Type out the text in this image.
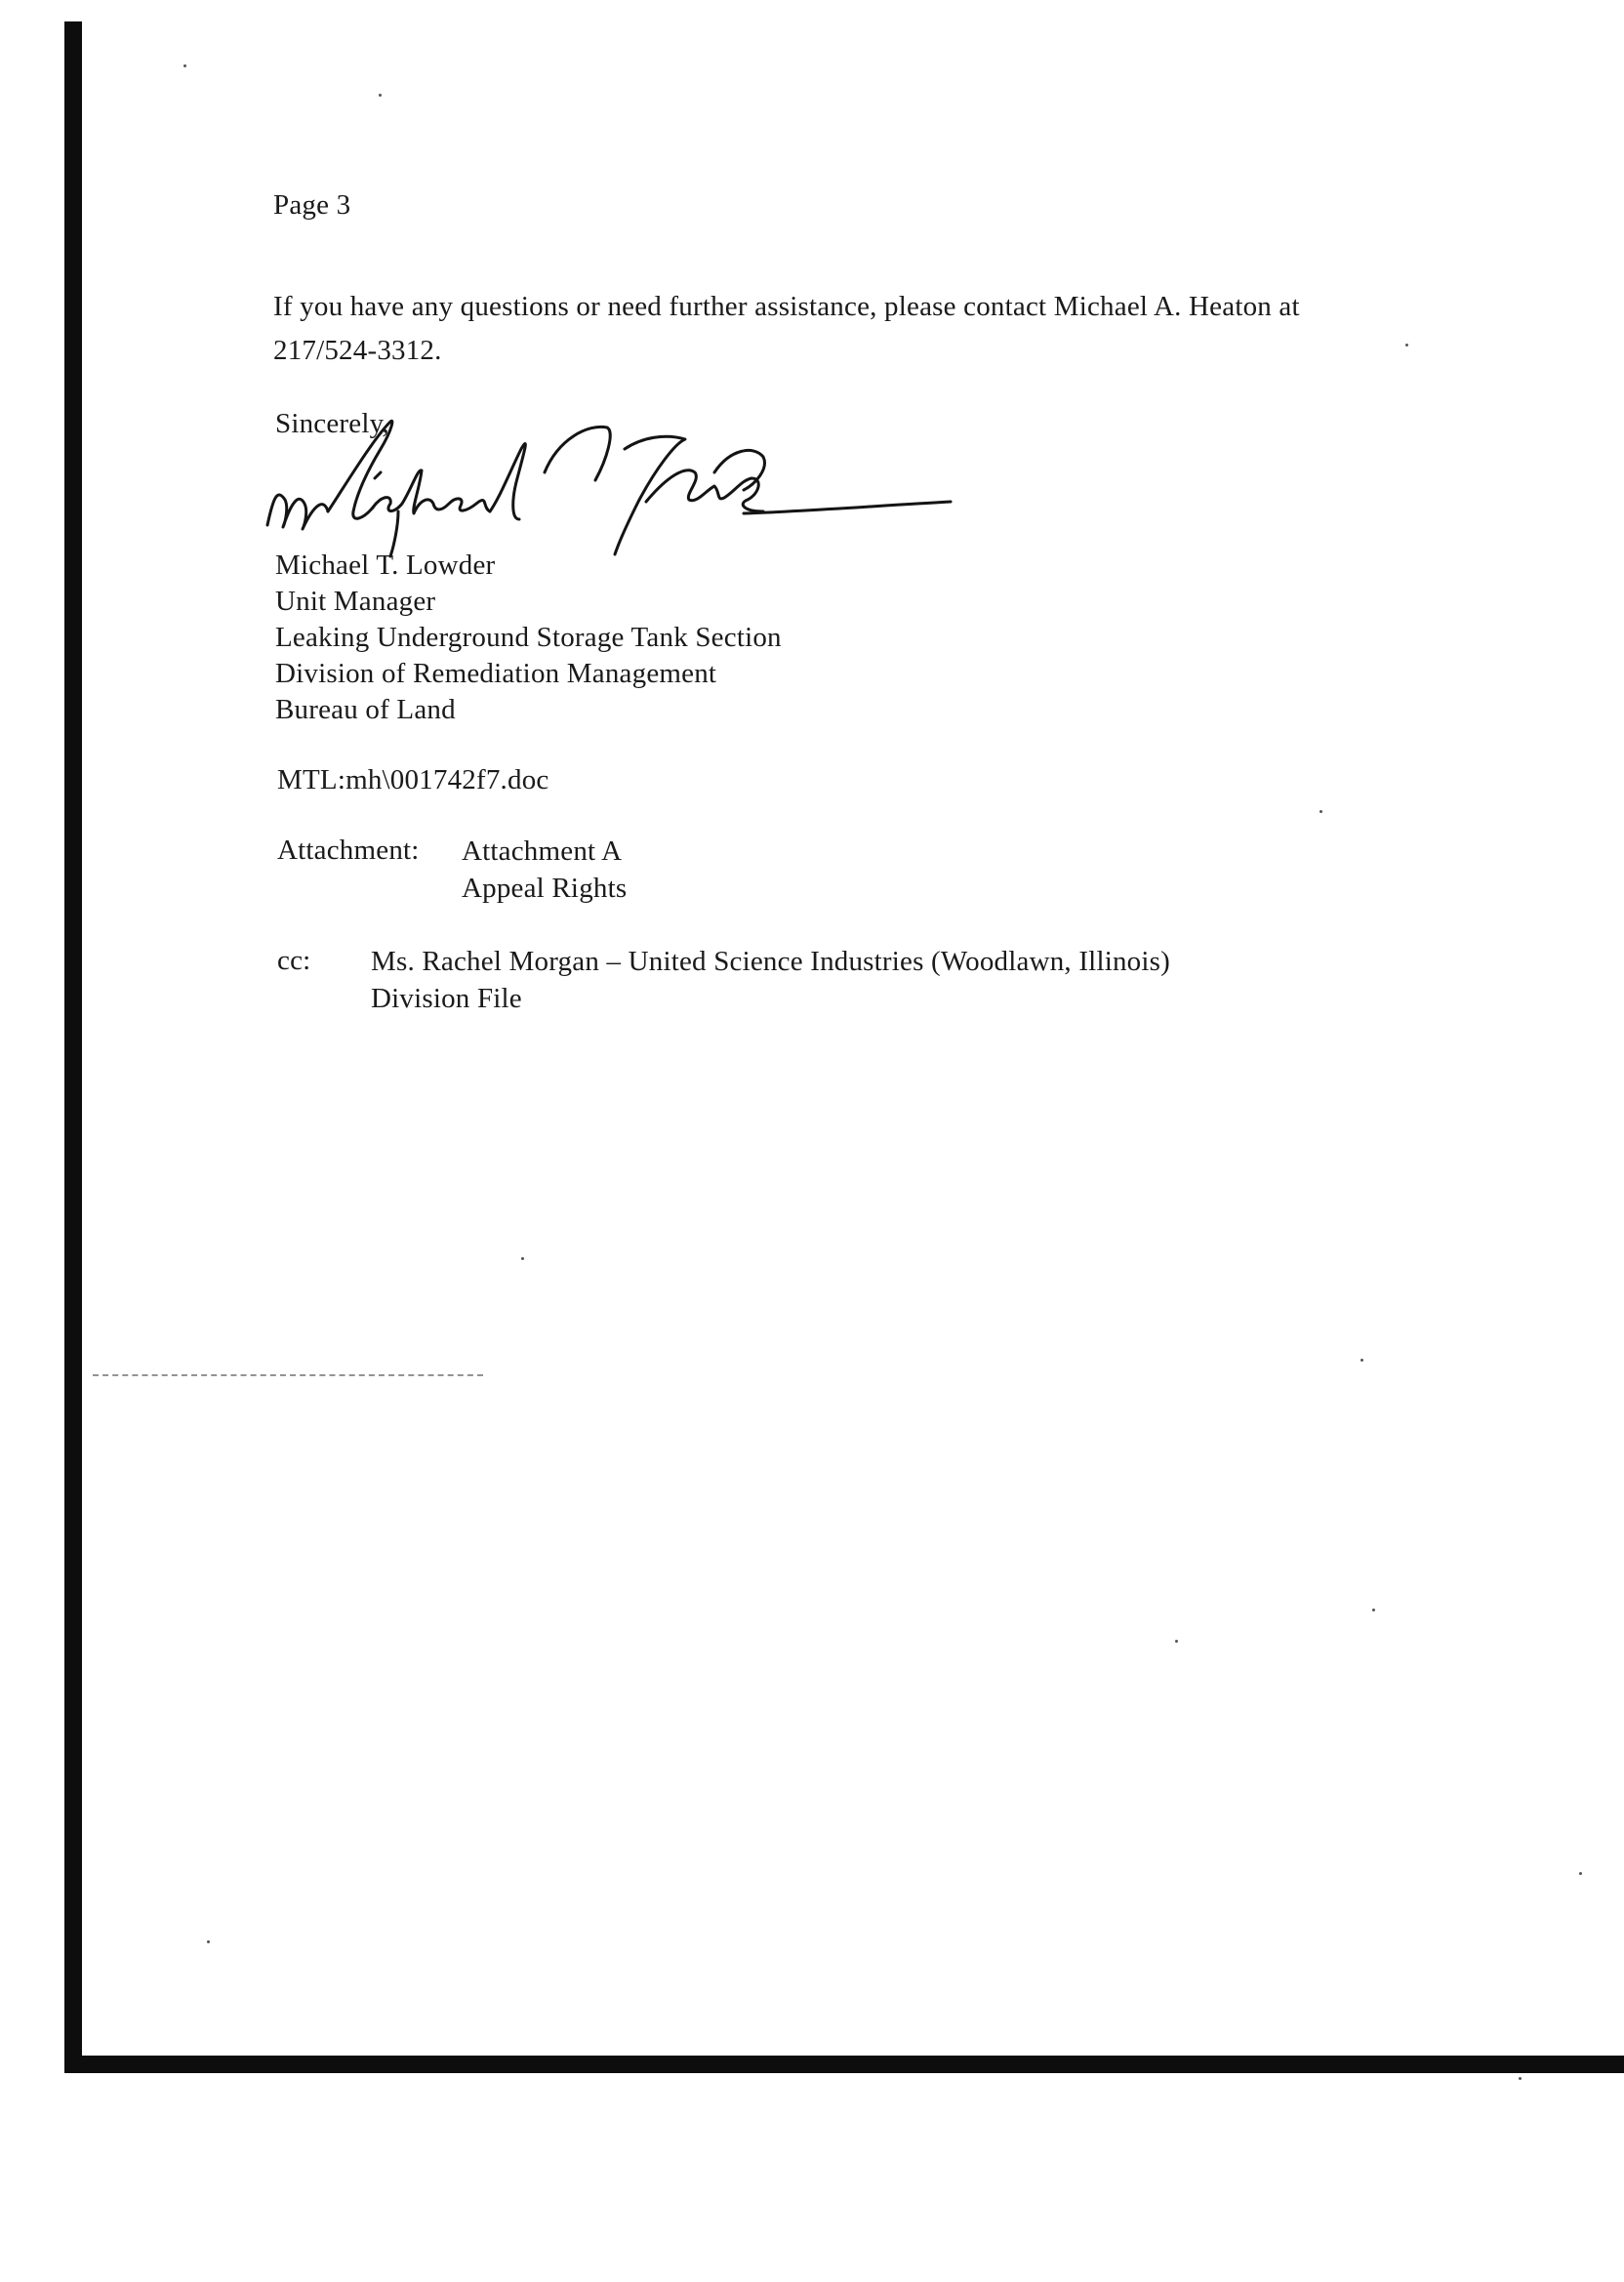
Page 3
If you have any questions or need further assistance, please contact Michael A. Heaton at
217/524-3312.
Sincerely,
Michael T. Lowder
Unit Manager
Leaking Underground Storage Tank Section
Division of Remediation Management
Bureau of Land
MTL:mh\001742f7.doc
Attachment: Attachment A
Appeal Rights
cc: Ms. Rachel Morgan – United Science Industries (Woodlawn, Illinois)
Division File
